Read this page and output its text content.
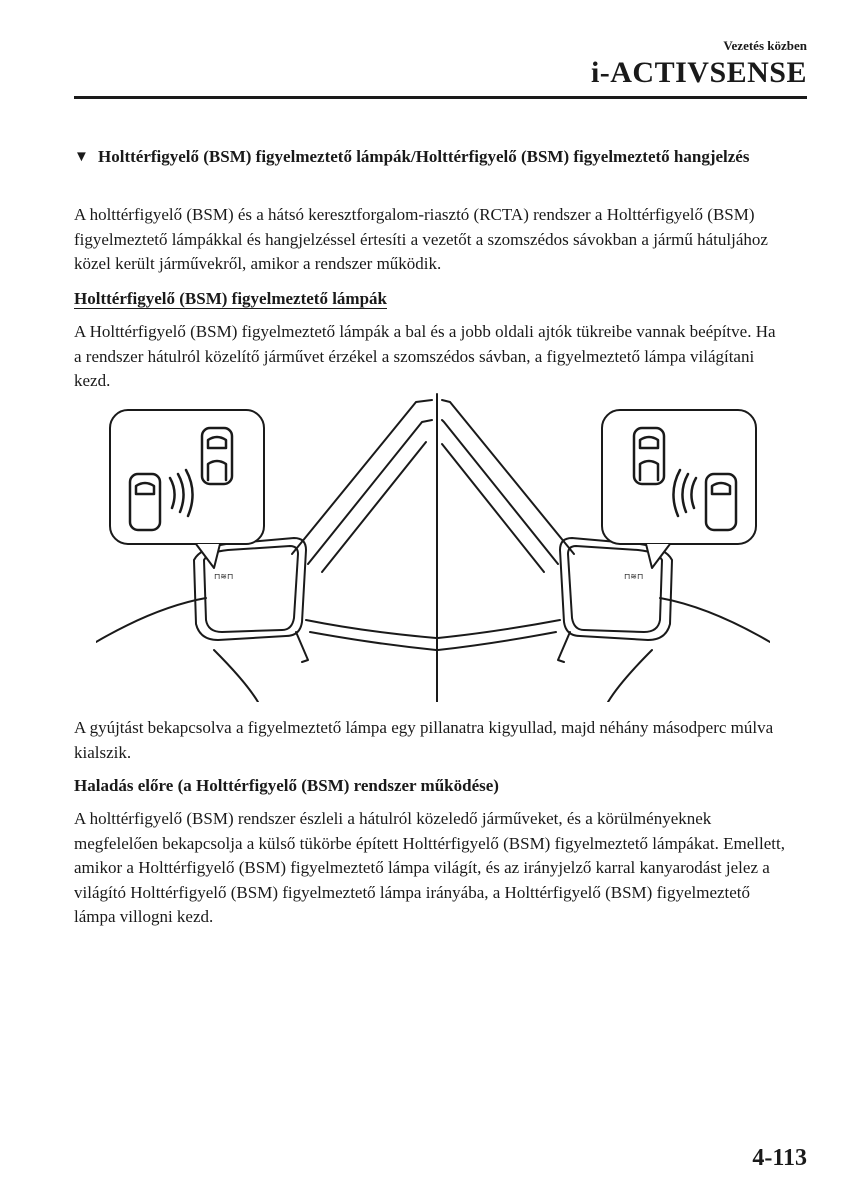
Vezetés közben
i-ACTIVSENSE
▼ Holttérfigyelő (BSM) figyelmeztető lámpák/Holttérfigyelő (BSM) figyelmeztető hangjelzés

A holttérfigyelő (BSM) és a hátsó keresztforgalom-riasztó (RCTA) rendszer a Holttérfigyelő (BSM) figyelmeztető lámpákkal és hangjelzéssel értesíti a vezetőt a szomszédos sávokban a jármű hátuljához közel került járművekről, amikor a rendszer működik.

Holttérfigyelő (BSM) figyelmeztető lámpák

A Holttérfigyelő (BSM) figyelmeztető lámpák a bal és a jobb oldali ajtók tükreibe vannak beépítve. Ha a rendszer hátulról közelítő járművet érzékel a szomszédos sávban, a figyelmeztető lámpa világítani kezd.

⊓≋⊓	⊓≋⊓

A gyújtást bekapcsolva a figyelmeztető lámpa egy pillanatra kigyullad, majd néhány másodperc múlva kialszik.

Haladás előre (a Holttérfigyelő (BSM) rendszer működése)

A holttérfigyelő (BSM) rendszer észleli a hátulról közeledő járműveket, és a körülményeknek megfelelően bekapcsolja a külső tükörbe épített Holttérfigyelő (BSM) figyelmeztető lámpákat. Emellett, amikor a Holttérfigyelő (BSM) figyelmeztető lámpa világít, és az irányjelző karral kanyarodást jelez a világító Holttérfigyelő (BSM) figyelmeztető lámpa irányába, a Holttérfigyelő (BSM) figyelmeztető lámpa villogni kezd.

4-113
